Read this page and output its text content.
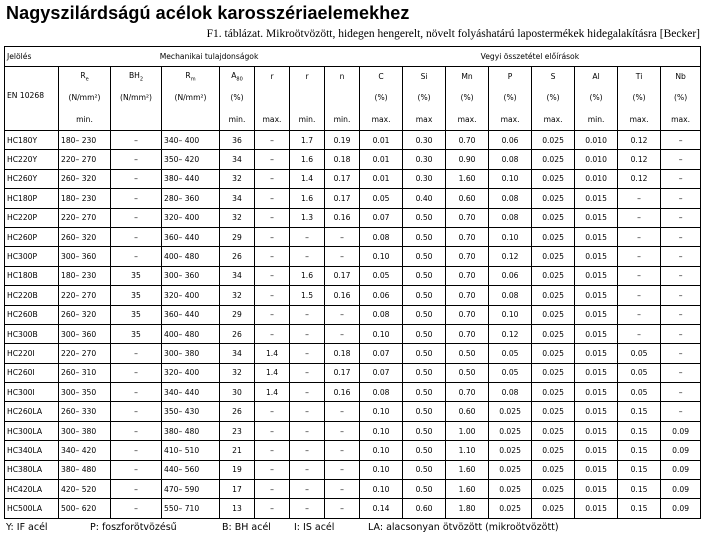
Nagyszilárdságú acélok karosszériaelemekhez
F1. táblázat. Mikroötvözött, hidegen hengerelt, növelt folyáshatárú lapostermékek hidegalakításra [Becker]
Jelölés	Mechanikai tulajdonságok							Vegyi összetétel előírások							
EN 10268	$R_e$	$BH_2$	$R_m$	$A_{80}$	r	r	n	C	Si	Mn	P	S	Al	Ti	Nb
	(N/mm²)	(N/mm²)	(N/mm²)	(%)				(%)	(%)	(%)	(%)	(%)	(%)	(%)	(%)
	min.			min.	max.	min.	min.	max.	max	max.	max.	max.	min.	max.	max.
HC180Y	180– 230	–	340– 400	36	–	1.7	0.19	0.01	0.30	0.70	0.06	0.025	0.010	0.12	–
HC220Y	220– 270	–	350– 420	34	–	1.6	0.18	0.01	0.30	0.90	0.08	0.025	0.010	0.12	–
HC260Y	260– 320	–	380– 440	32	–	1.4	0.17	0.01	0.30	1.60	0.10	0.025	0.010	0.12	–
HC180P	180– 230	–	280– 360	34	–	1.6	0.17	0.05	0.40	0.60	0.08	0.025	0.015	–	–
HC220P	220– 270	–	320– 400	32	–	1.3	0.16	0.07	0.50	0.70	0.08	0.025	0.015	–	–
HC260P	260– 320	–	360– 440	29	–	–	–	0.08	0.50	0.70	0.10	0.025	0.015	–	–
HC300P	300– 360	–	400– 480	26	–	–	–	0.10	0.50	0.70	0.12	0.025	0.015	–	–
HC180B	180– 230	35	300– 360	34	–	1.6	0.17	0.05	0.50	0.70	0.06	0.025	0.015	–	–
HC220B	220– 270	35	320– 400	32	–	1.5	0.16	0.06	0.50	0.70	0.08	0.025	0.015	–	–
HC260B	260– 320	35	360– 440	29	–	–	–	0.08	0.50	0.70	0.10	0.025	0.015	–	–
HC300B	300– 360	35	400– 480	26	–	–	–	0.10	0.50	0.70	0.12	0.025	0.015	–	–
HC220I	220– 270	–	300– 380	34	1.4	–	0.18	0.07	0.50	0.50	0.05	0.025	0.015	0.05	–
HC260I	260– 310	–	320– 400	32	1.4	–	0.17	0.07	0.50	0.50	0.05	0.025	0.015	0.05	–
HC300I	300– 350	–	340– 440	30	1.4	–	0.16	0.08	0.50	0.70	0.08	0.025	0.015	0.05	–
HC260LA	260– 330	–	350– 430	26	–	–	–	0.10	0.50	0.60	0.025	0.025	0.015	0.15	–
HC300LA	300– 380	–	380– 480	23	–	–	–	0.10	0.50	1.00	0.025	0.025	0.015	0.15	0.09
HC340LA	340– 420	–	410– 510	21	–	–	–	0.10	0.50	1.10	0.025	0.025	0.015	0.15	0.09
HC380LA	380– 480	–	440– 560	19	–	–	–	0.10	0.50	1.60	0.025	0.025	0.015	0.15	0.09
HC420LA	420– 520	–	470– 590	17	–	–	–	0.10	0.50	1.60	0.025	0.025	0.015	0.15	0.09
HC500LA	500– 620	–	550– 710	13	–	–	–	0.14	0.60	1.80	0.025	0.025	0.015	0.15	0.09
Y: IF acél	P: foszforötvözésű	B: BH acél I: IS acél	LA: alacsonyan ötvözött (mikroötvözött)
